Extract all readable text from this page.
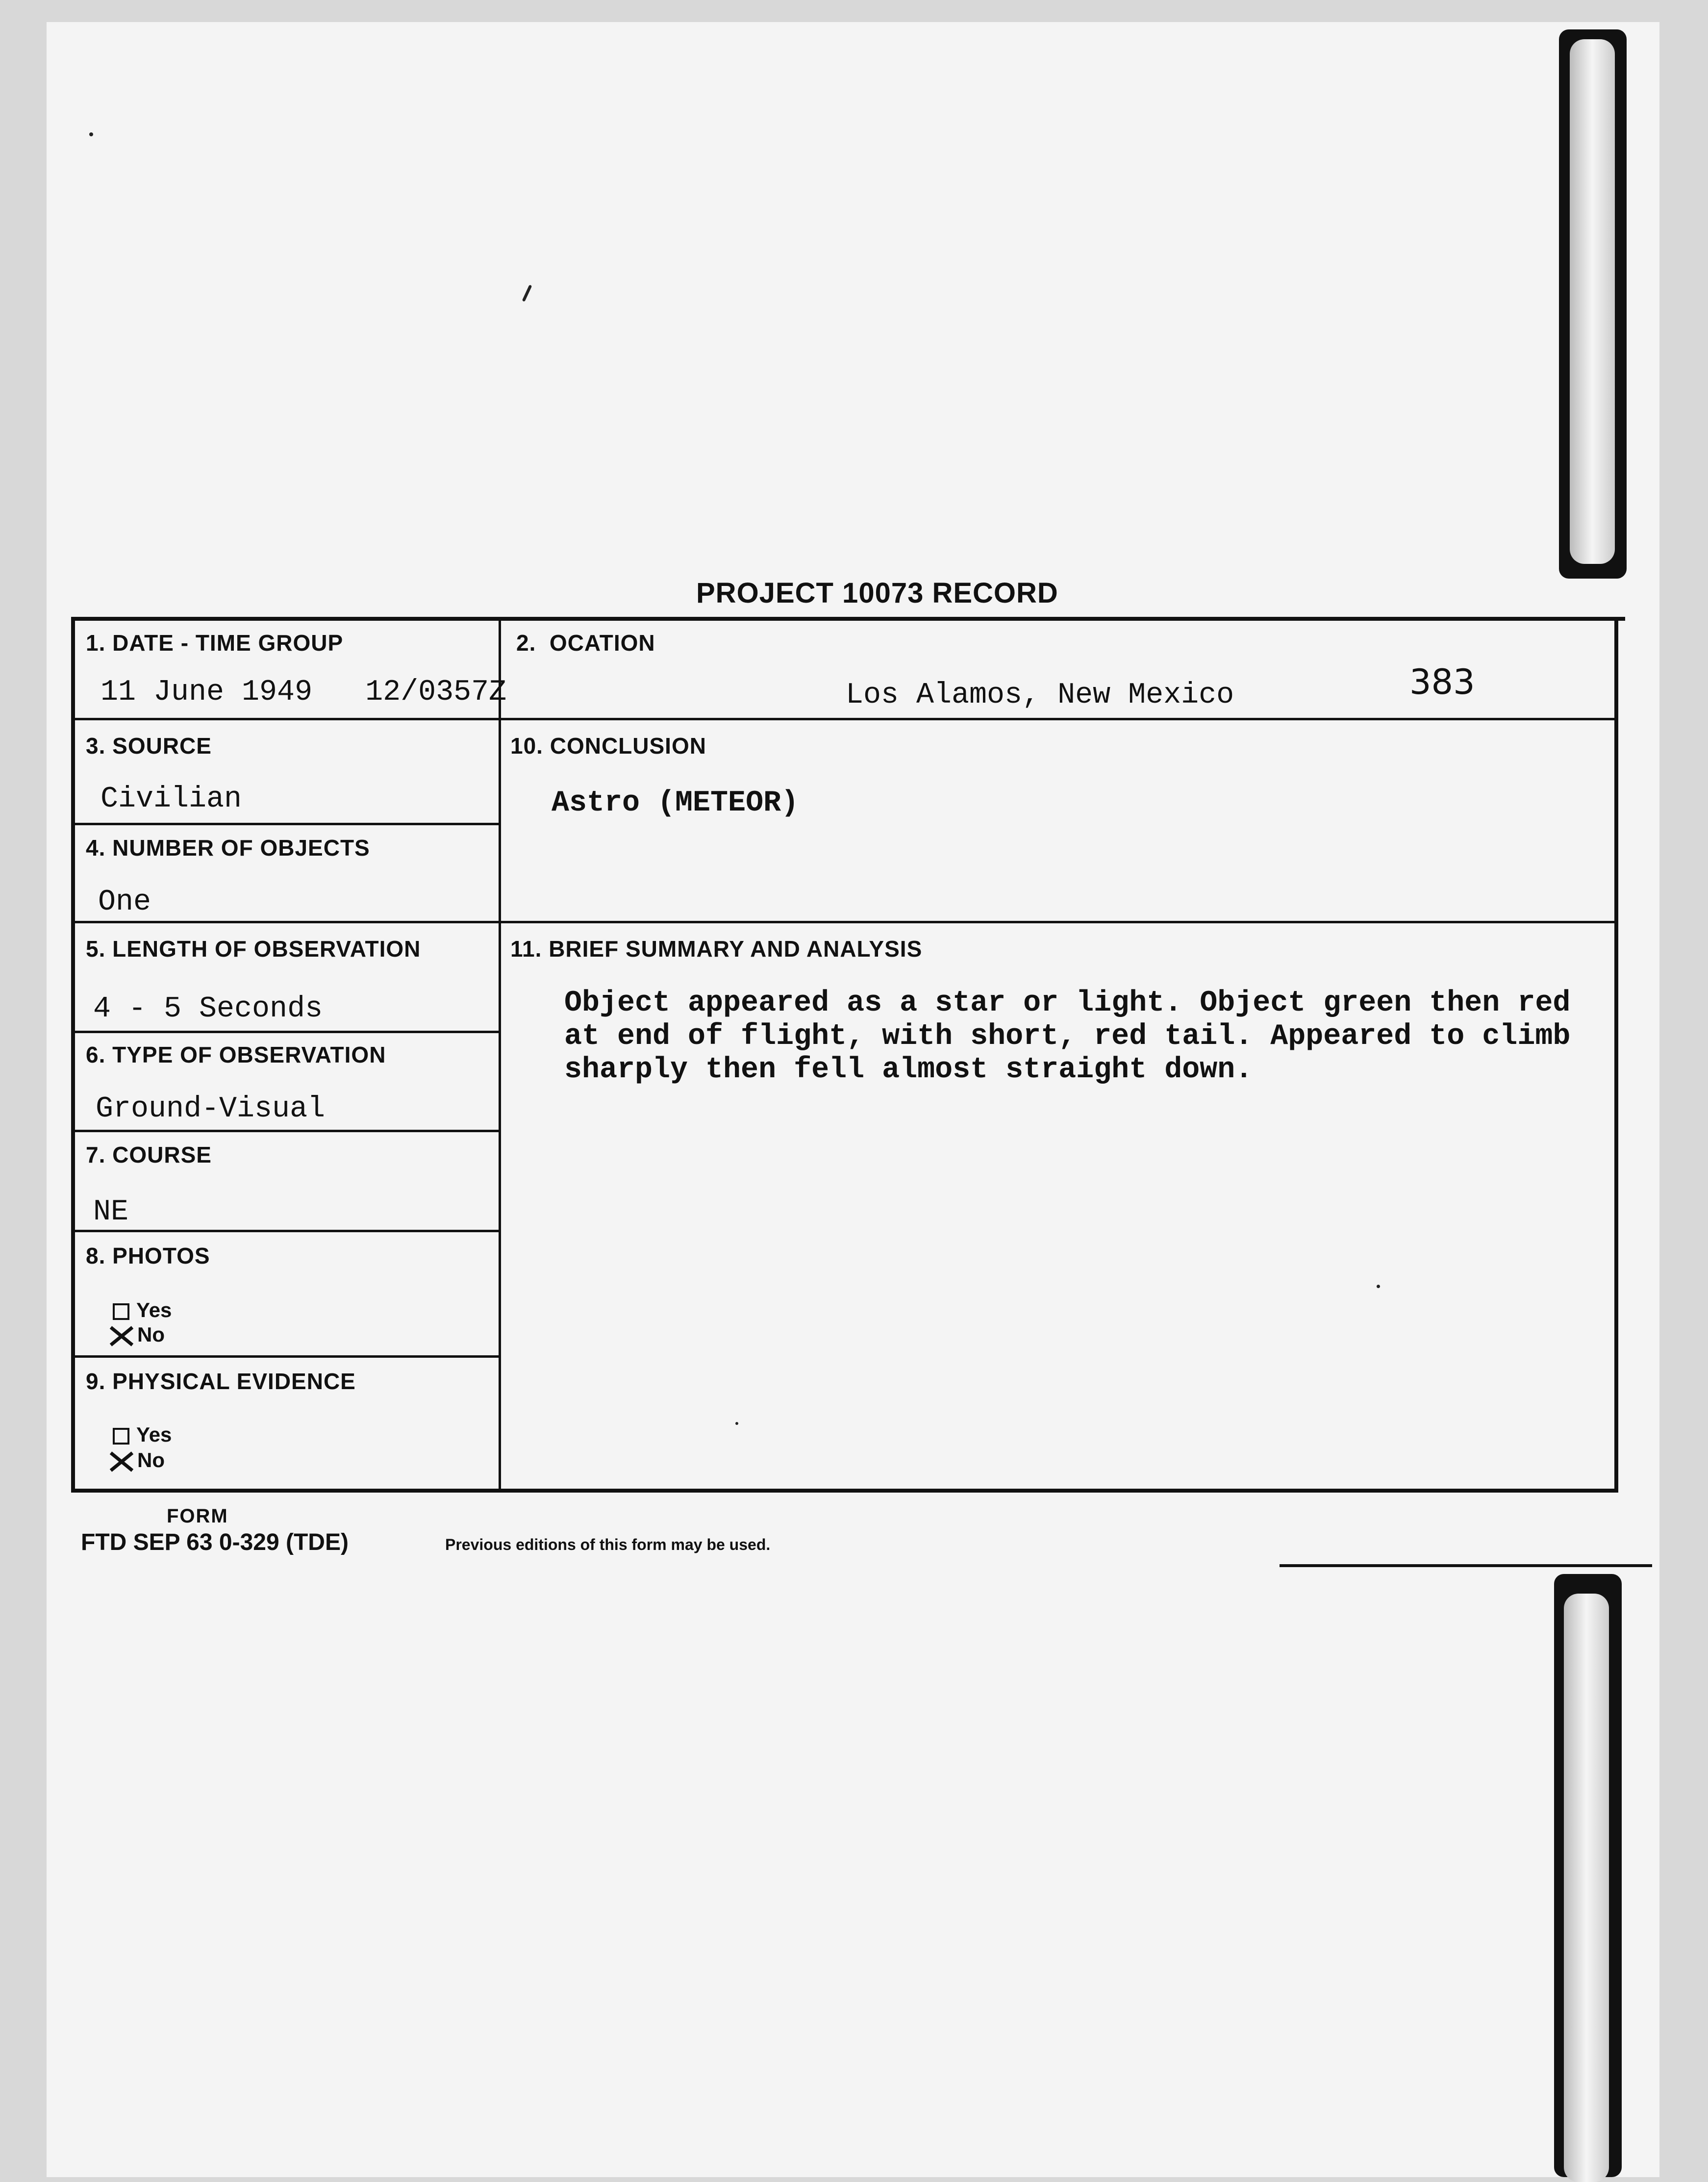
PROJECT 10073 RECORD
383
1. DATE - TIME GROUP
11 June 1949   12/0357Z
2.  OCATION
Los Alamos, New Mexico
3. SOURCE
Civilian
4. NUMBER OF OBJECTS
One
5. LENGTH OF OBSERVATION
4 - 5 Seconds
6. TYPE OF OBSERVATION
Ground-Visual
7. COURSE
NE
8. PHOTOS
Yes
No
9. PHYSICAL EVIDENCE
Yes
No
10. CONCLUSION
Astro (METEOR)
11. BRIEF SUMMARY AND ANALYSIS
Object appeared as a star or light. Object green then red at end of flight, with short, red tail. Appeared to climb sharply then fell almost straight down.
FORM
FTD SEP 63 0-329 (TDE)	Previous editions of this form may be used.
